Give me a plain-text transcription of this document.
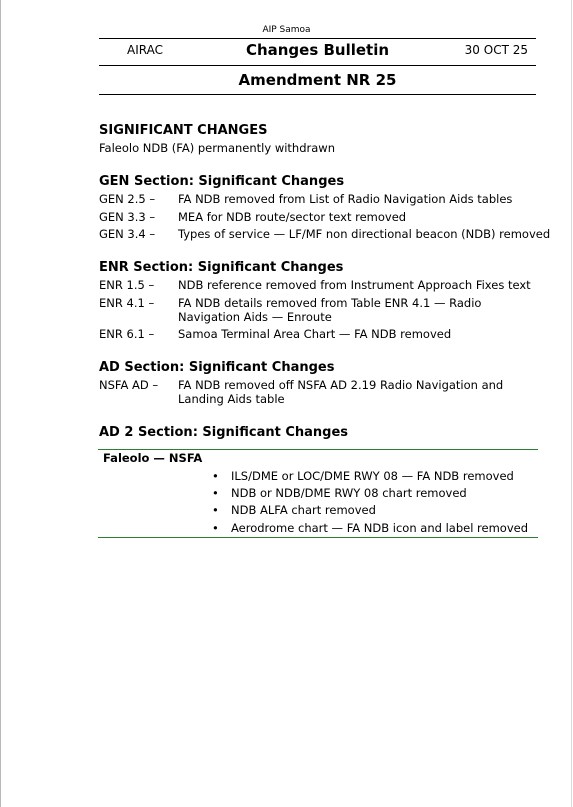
AIP Samoa
AIRAC	Changes Bulletin	30 OCT 25
Amendment NR 25
SIGNIFICANT CHANGES
Faleolo NDB (FA) permanently withdrawn
GEN Section: Significant Changes
GEN 2.5 –	FA NDB removed from List of Radio Navigation Aids tables
GEN 3.3 –	MEA for NDB route/sector text removed
GEN 3.4 –	Types of service — LF/MF non directional beacon (NDB) removed
ENR Section: Significant Changes
ENR 1.5 –	NDB reference removed from Instrument Approach Fixes text
ENR 4.1 –	FA NDB details removed from Table ENR 4.1 — Radio Navigation Aids — Enroute
ENR 6.1 –	Samoa Terminal Area Chart — FA NDB removed
AD Section: Significant Changes
NSFA AD –	FA NDB removed off NSFA AD 2.19 Radio Navigation and Landing Aids table
AD 2 Section: Significant Changes
Faleolo — NSFA
• ILS/DME or LOC/DME RWY 08 — FA NDB removed
• NDB or NDB/DME RWY 08 chart removed
• NDB ALFA chart removed
• Aerodrome chart — FA NDB icon and label removed
